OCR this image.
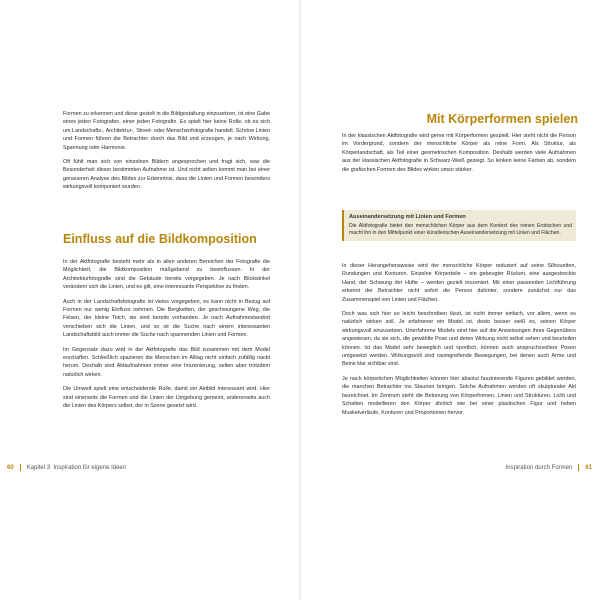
Formen zu erkennen und diese gezielt in die Bildgestaltung einzusetzen, ist eine Gabe eines jeden Fotografen, einer jeden Fotografin. Es spielt hier keine Rolle, ob es sich um Landschafts-, Architektur-, Street- oder Menschenfotografie handelt. Schöne Linien und Formen führen die Betrachter durch das Bild und erzeugen, je nach Wirkung, Spannung oder Harmonie.

Oft fühlt man sich von einzelnen Bildern angesprochen und fragt sich, was die Besonderheit dieser bestimmten Aufnahme ist. Und nicht selten kommt man bei einer genaueren Analyse des Bildes zur Erkenntnis, dass die Linien und Formen besonders wirkungsvoll komponiert wurden.

Einfluss auf die Bildkomposition

In der Aktfotografie besteht mehr als in allen anderen Bereichen der Fotografie die Möglichkeit, die Bildkomposition maßgebend zu beeinflussen. In der Architekturfotografie sind die Gebäude bereits vorgegeben. Je nach Blickwinkel verändern sich die Linien, und es gilt, eine interessante Perspektive zu finden.

Auch in der Landschaftsfotografie ist vieles vorgegeben, es kann nicht in Bezug auf Formen nur wenig Einfluss nehmen. Die Bergketten, der geschwungene Weg, die Felsen, der kleine Teich, sie sind bereits vorhanden. Je nach Aufnahmestandort verschieben sich die Linien, und so ist die Suche nach einem interessanten Landschaftsbild auch immer die Suche nach spannenden Linien und Formen.

Im Gegensatz dazu wird in der Aktfotografie das Bild zusammen mit dem Model erschaffen. Schließlich spazieren die Menschen im Alltag nicht einfach zufällig nackt herum. Deshalb sind Aktaufnahmen immer eine Inszenierung, selten aber trotzdem natürlich wirken.

Die Umwelt spielt eine entscheidende Rolle, damit ein Aktbild interessant wird. Hier sind einerseits die Formen und die Linien der Umgebung gemeint, andererseits auch die Linien des Körpers selbst, der in Szene gesetzt wird.

60 Kapitel 3 Inspiration für eigene Ideen
Mit Körperformen spielen

In der klassischen Aktfotografie wird gerne mit Körperformen gespielt. Hier steht nicht die Person im Vordergrund, sondern der menschliche Körper als reine Form. Als Struktur, als Körperlandschaft, als Teil einer geometrischen Komposition. Deshalb werden viele Aufnahmen aus der klassischen Aktfotografie in Schwarz-Weiß gezeigt. So lenken keine Farben ab, sondern die grafischen Formen des Bildes wirken umso stärker.

Auseinandersetzung mit Linien und Formen

Die Aktfotografie bietet den menschlichen Körper aus dem Kontext des reinen Erotischen und macht ihn in den Mittelpunkt einer künstlerischen Auseinandersetzung mit Linien und Flächen.

In dieser Herangehensweise wird der menschliche Körper reduziert auf seine Silhouetten, Rundungen und Konturen. Einzelne Körperteile – ein gebeugter Rücken, eine ausgestreckte Hand, der Schwung der Hüfte – werden gezielt inszeniert. Mit einer passenden Lichtführung erkennt der Betrachter nicht sofort die Person dahinter, sondern zunächst nur das Zusammenspiel von Linien und Flächen.

Doch was sich hier so leicht beschreiben lässt, ist nicht immer einfach, vor allem, wenn es natürlich wirken soll. Je erfahrener ein Model ist, desto besser weiß es, seinen Körper wirkungsvoll einzusetzen. Unerfahrene Models sind hier auf die Anweisungen ihres Gegenübers angewiesen, da sie sich, die gewählte Pose und deren Wirkung nicht selbst sehen und beurteilen können. Ist das Model sehr beweglich und sportlich, können auch anspruchsvollere Posen umgesetzt werden. Wirkungsvoll sind raumgreifende Bewegungen, bei denen auch Arme und Beine klar sichtbar sind.

Je nach körperlichen Möglichkeiten können hier absolut faszinierende Figuren gebildet werden, die manchen Betrachter ins Staunen bringen. Solche Aufnahmen werden oft skulpturaler Akt bezeichnet. Im Zentrum steht die Betonung von Körperformen, Linien und Strukturen. Licht und Schatten modellieren den Körper ähnlich wie bei einer plastischen Figur und heben Muskelverläufe, Konturen und Proportionen hervor.

Inspiration durch Formen 61
